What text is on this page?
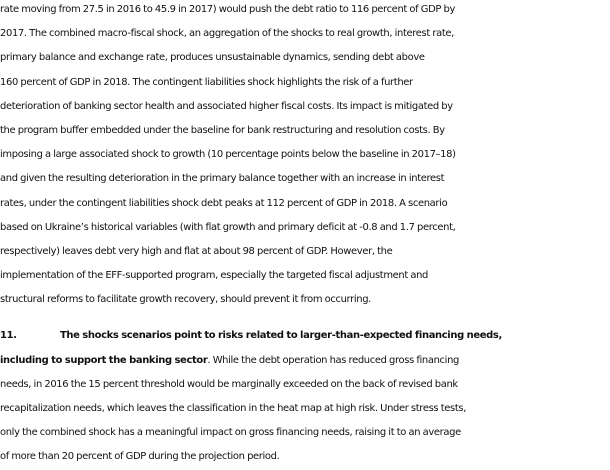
rate moving from 27.5 in 2016 to 45.9 in 2017) would push the debt ratio to 116 percent of GDP by

2017. The combined macro-fiscal shock, an aggregation of the shocks to real growth, interest rate,

primary balance and exchange rate, produces unsustainable dynamics, sending debt above

160 percent of GDP in 2018. The contingent liabilities shock highlights the risk of a further

deterioration of banking sector health and associated higher fiscal costs. Its impact is mitigated by

the program buffer embedded under the baseline for bank restructuring and resolution costs. By

imposing a large associated shock to growth (10 percentage points below the baseline in 2017–18)

and given the resulting deterioration in the primary balance together with an increase in interest

rates, under the contingent liabilities shock debt peaks at 112 percent of GDP in 2018. A scenario

based on Ukraine’s historical variables (with flat growth and primary deficit at -0.8 and 1.7 percent,

respectively) leaves debt very high and flat at about 98 percent of GDP. However, the

implementation of the EFF-supported program, especially the targeted fiscal adjustment and

structural reforms to facilitate growth recovery, should prevent it from occurring.

11.	The shocks scenarios point to risks related to larger-than-expected financing needs,

including to support the banking sector. While the debt operation has reduced gross financing

needs, in 2016 the 15 percent threshold would be marginally exceeded on the back of revised bank

recapitalization needs, which leaves the classification in the heat map at high risk. Under stress tests,

only the combined shock has a meaningful impact on gross financing needs, raising it to an average

of more than 20 percent of GDP during the projection period.
